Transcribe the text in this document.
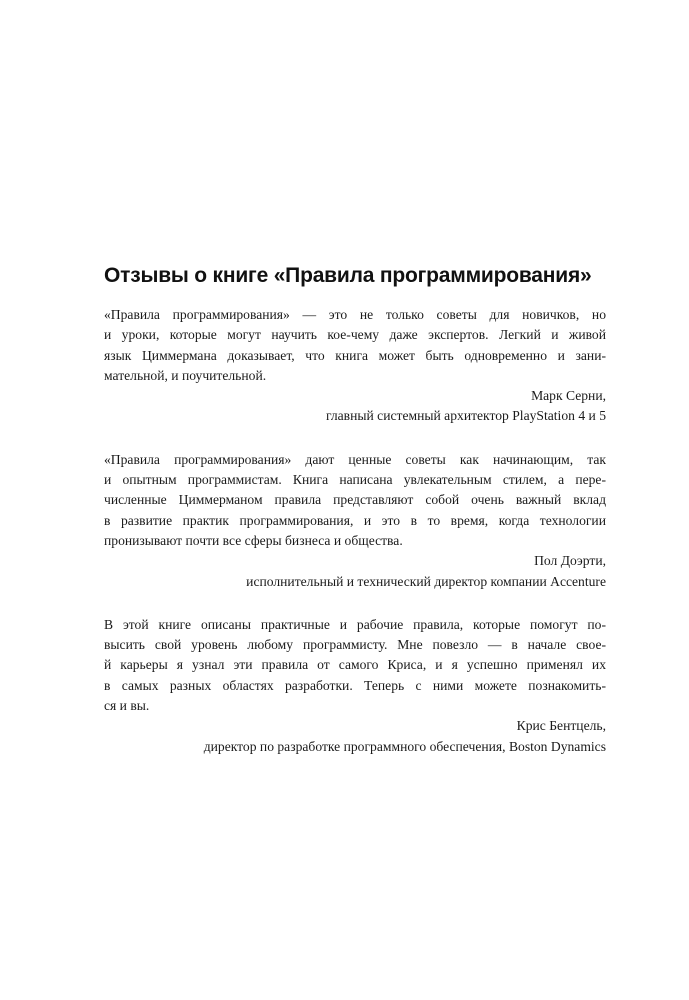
Отзывы о книге «Правила программирования»

«Правила программирования» — это не только советы для новичков, но
и уроки, которые могут научить кое-чему даже экспертов. Легкий и живой
язык Циммермана доказывает, что книга может быть одновременно и зани-
мательной, и поучительной.

Марк Серни,

главный системный архитектор PlayStation 4 и 5

«Правила программирования» дают ценные советы как начинающим, так
и опытным программистам. Книга написана увлекательным стилем, а пере-
численные Циммерманом правила представляют собой очень важный вклад
в развитие практик программирования, и это в то время, когда технологии
пронизывают почти все сферы бизнеса и общества.

Пол Доэрти,

исполнительный и технический директор компании Accenture

В этой книге описаны практичные и рабочие правила, которые помогут по-
высить свой уровень любому программисту. Мне повезло — в начале свое-
й карьеры я узнал эти правила от самого Криса, и я успешно применял их
в самых разных областях разработки. Теперь с ними можете познакомить-
ся и вы.

Крис Бентцель,

директор по разработке программного обеспечения, Boston Dynamics
